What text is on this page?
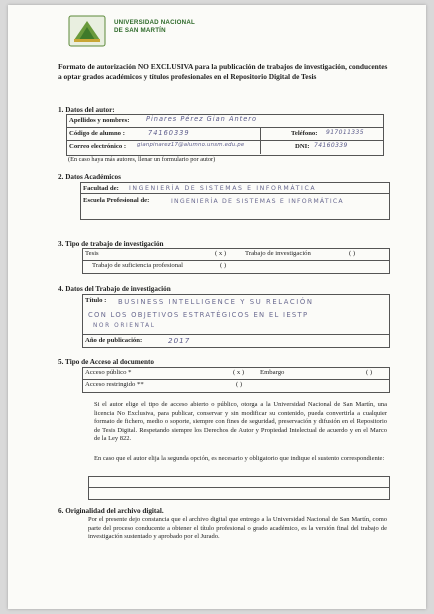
UNIVERSIDAD NACIONAL
DE SAN MARTÍN
Formato de autorización NO EXCLUSIVA para la publicación de trabajos de investigación, conducentes a optar grados académicos y títulos profesionales en el Repositorio Digital de Tesis
1. Datos del autor:
Apellidos y nombres:	Pinares Pérez Gian Antero
Código de alumno :	74160339	Teléfono: 917011335
Correo electrónico : gianpinarez17@alumno.unsm.edu.pe	DNI: 74160339
(En caso haya más autores, llenar un formulario por autor)
2. Datos Académicos
Facultad de: INGENIERÍA DE SISTEMAS E INFORMÁTICA
Escuela Profesional de:	INGENIERÍA DE SISTEMAS E INFORMÁTICA
3. Tipo de trabajo de investigación
Tesis	( x )	Trabajo de investigación	( )
Trabajo de suficiencia profesional	( )
4. Datos del Trabajo de investigación
Título : BUSINESS INTELLIGENCE Y SU RELACIÓN
CON LOS OBJETIVOS ESTRATÉGICOS EN EL IESTP
NOR ORIENTAL
Año de publicación:	2017
5. Tipo de Acceso al documento
Acceso público *	( x ) Embargo	( )
Acceso restringido **	( )
Si el autor elige el tipo de acceso abierto o público, otorga a la Universidad Nacional de San Martín, una licencia No Exclusiva, para publicar, conservar y sin modificar su contenido, pueda convertirla a cualquier formato de fichero, medio o soporte, siempre con fines de seguridad, preservación y difusión en el Repositorio de Tesis Digital. Respetando siempre los Derechos de Autor y Propiedad Intelectual de acuerdo y en el Marco de la Ley 822.
En caso que el autor elija la segunda opción, es necesario y obligatorio que indique el sustento correspondiente:
6. Originalidad del archivo digital.
Por el presente dejo constancia que el archivo digital que entrego a la Universidad Nacional de San Martín, como parte del proceso conducente a obtener el título profesional o grado académico, es la versión final del trabajo de investigación sustentado y aprobado por el Jurado.
